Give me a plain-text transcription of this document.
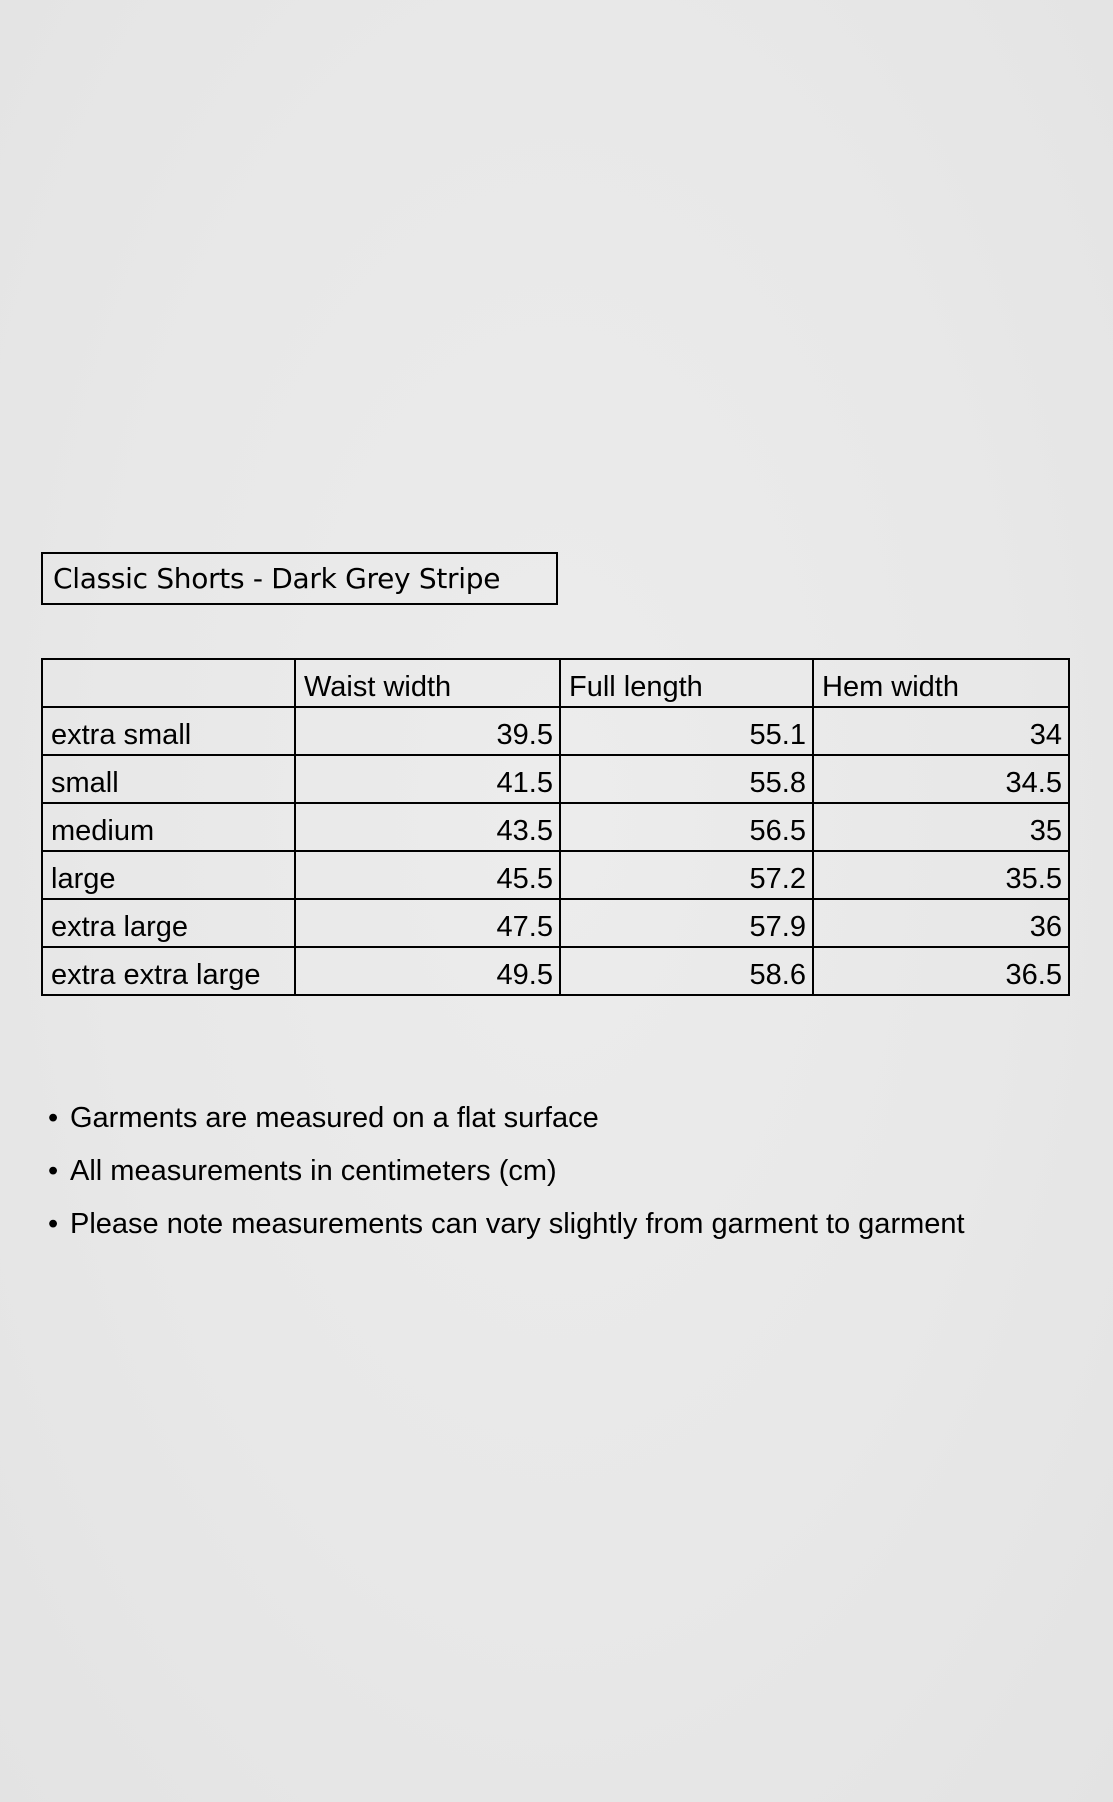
Classic Shorts - Dark Grey Stripe
	Waist width	Full length	Hem width
extra small	39.5	55.1	34
small	41.5	55.8	34.5
medium	43.5	56.5	35
large	45.5	57.2	35.5
extra large	47.5	57.9	36
extra extra large	49.5	58.6	36.5
• Garments are measured on a flat surface
• All measurements in centimeters (cm)
• Please note measurements can vary slightly from garment to garment
